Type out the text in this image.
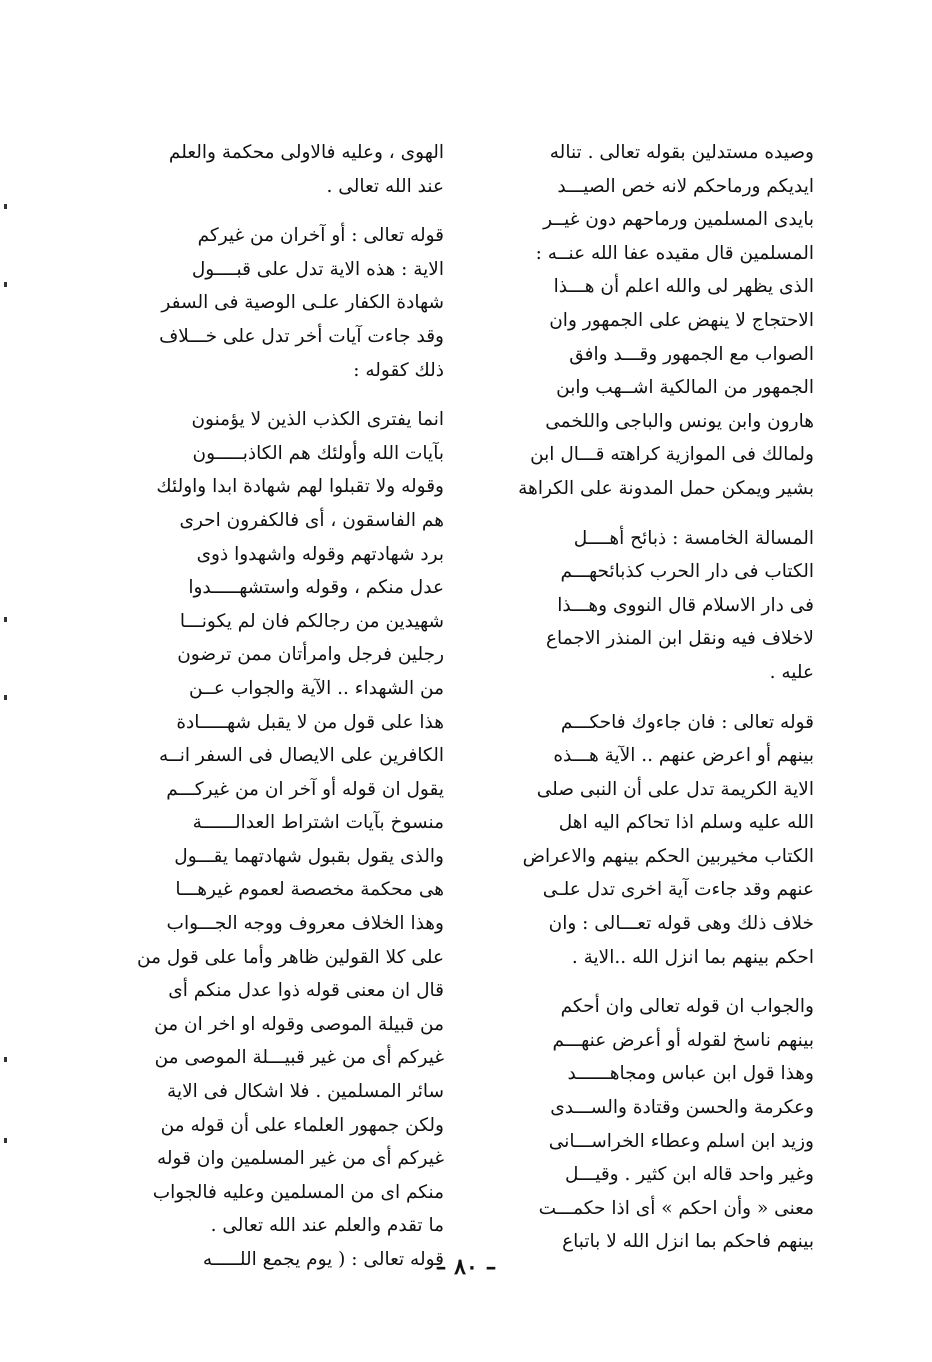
وصيده مستدلين بقوله تعالى . تناله
ايديكم ورماحكم لانه خص الصيـــد
بايدى المسلمين ورماحهم دون غيــر
المسلمين قال مقيده عفا الله عنــه :
الذى يظهر لى والله اعلم أن هـــذا
الاحتجاج لا ينهض على الجمهور وان
الصواب مع الجمهور وقـــد وافق
الجمهور من المالكية اشــهب وابن
هارون وابن يونس والباجى واللخمى
ولمالك فى الموازية كراهته قـــال ابن
بشير ويمكن حمل المدونة على الكراهة
المسالة الخامسة : ذبائح أهــــل
الكتاب فى دار الحرب كذبائحهـــم
فى دار الاسلام قال النووى وهـــذا
لاخلاف فيه ونقل ابن المنذر الاجماع
عليه .
قوله تعالى : فان جاءوك فاحكـــم
بينهم أو اعرض عنهم .. الآية هـــذه
الاية الكريمة تدل على أن النبى صلى
الله عليه وسلم اذا تحاكم اليه اهل
الكتاب مخيربين الحكم بينهم والاعراض
عنهم وقد جاءت آية اخرى تدل علـى
خلاف ذلك وهى قوله تعـــالى : وان
احكم بينهم بما انزل الله ..الاية .
والجواب ان قوله تعالى وان أحكم
بينهم ناسخ لقوله أو أعرض عنهـــم
وهذا قول ابن عباس ومجاهــــــد
وعكرمة والحسن وقتادة والســـدى
وزيد ابن اسلم وعطاء الخراســـانى
وغير واحد قاله ابن كثير . وقيـــل
معنى « وأن احكم » أى اذا حكمـــت
بينهم فاحكم بما انزل الله لا باتباع
الهوى ، وعليه فالاولى محكمة والعلم
عند الله تعالى .
قوله تعالى : أو آخران من غيركم
الاية : هذه الاية تدل على قبــــول
شهادة الكفار علـى الوصية فى السفر
وقد جاءت آيات أخر تدل على خـــلاف
ذلك كقوله :
انما يفترى الكذب الذين لا يؤمنون
بآيات الله وأولئك هم الكاذبـــــون
وقوله ولا تقبلوا لهم شهادة ابدا واولئك
هم الفاسقون ، أى فالكفرون احرى
برد شهادتهم وقوله واشهدوا ذوى
عدل منكم ، وقوله واستشهـــــدوا
شهيدين من رجالكم فان لم يكونـــا
رجلين فرجل وامرأتان ممن ترضون
من الشهداء .. الآية والجواب عــن
هذا على قول من لا يقبل شهـــــادة
الكافرين على الايصال فى السفر انــه
يقول ان قوله أو آخر ان من غيركـــم
منسوخ بآيات اشتراط العدالــــــة
والذى يقول بقبول شهادتهما يقـــول
هى محكمة مخصصة لعموم غيرهـــا
وهذا الخلاف معروف ووجه الجـــواب
على كلا القولين ظاهر وأما على قول من
قال ان معنى قوله ذوا عدل منكم أى
من قبيلة الموصى وقوله او اخر ان من
غيركم أى من غير قبيـــلة الموصى من
سائر المسلمين . فلا اشكال فى الاية
ولكن جمهور العلماء على أن قوله من
غيركم أى من غير المسلمين وان قوله
منكم اى من المسلمين وعليه فالجواب
ما تقدم والعلم عند الله تعالى .
قوله تعالى : ( يوم يجمع اللـــــه
– ٨٠ –
